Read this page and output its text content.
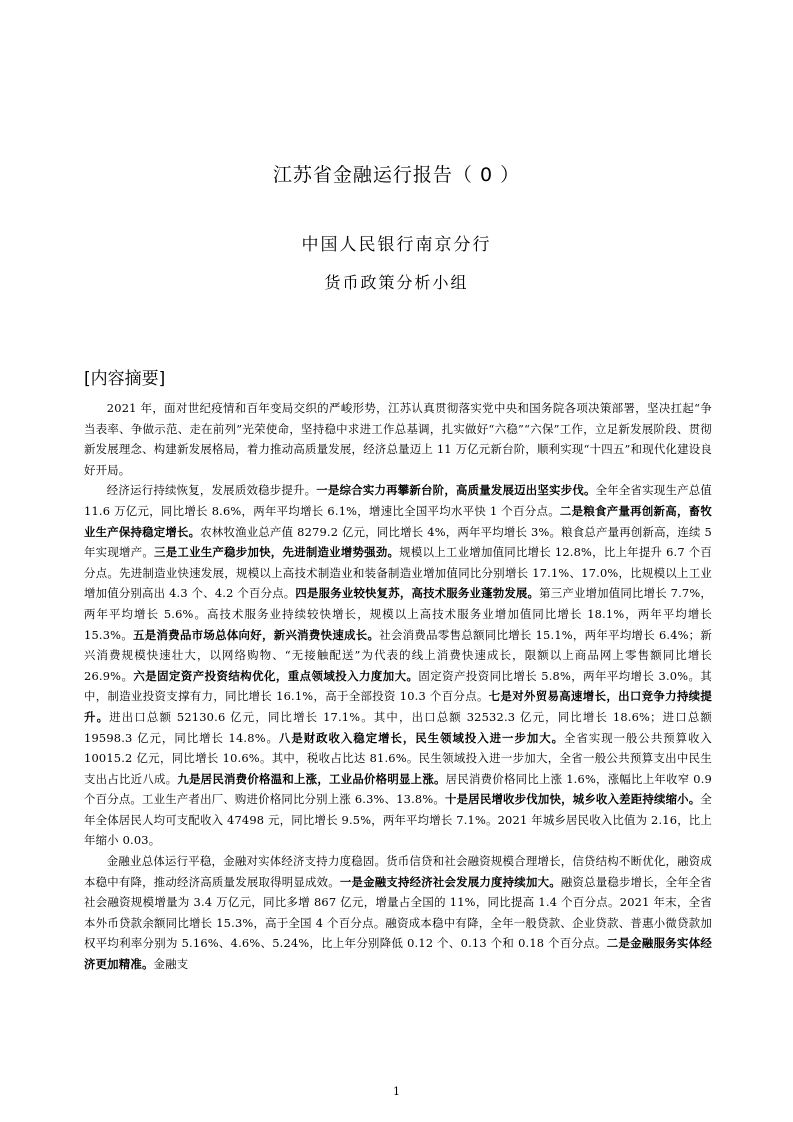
江苏省金融运行报告（ 0 ）
中国人民银行南京分行
货币政策分析小组
[内容摘要]

2021 年，面对世纪疫情和百年变局交织的严峻形势，江苏认真贯彻落实党中央和国务院各项决策部署，坚决扛起“争当表率、争做示范、走在前列”光荣使命，坚持稳中求进工作总基调，扎实做好“六稳”“六保”工作，立足新发展阶段、贯彻新发展理念、构建新发展格局，着力推动高质量发展，经济总量迈上 11 万亿元新台阶，顺利实现“十四五”和现代化建设良好开局。

经济运行持续恢复，发展质效稳步提升。一是综合实力再攀新台阶，高质量发展迈出坚实步伐。全年全省实现生产总值 11.6 万亿元，同比增长 8.6%，两年平均增长 6.1%，增速比全国平均水平快 1 个百分点。二是粮食产量再创新高，畜牧业生产保持稳定增长。农林牧渔业总产值 8279.2 亿元，同比增长 4%，两年平均增长 3%。粮食总产量再创新高，连续 5 年实现增产。三是工业生产稳步加快，先进制造业增势强劲。规模以上工业增加值同比增长 12.8%，比上年提升 6.7 个百分点。先进制造业快速发展，规模以上高技术制造业和装备制造业增加值同比分别增长 17.1%、17.0%，比规模以上工业增加值分别高出 4.3 个、4.2 个百分点。四是服务业较快复苏，高技术服务业蓬勃发展。第三产业增加值同比增长 7.7%，两年平均增长 5.6%。高技术服务业持续较快增长，规模以上高技术服务业增加值同比增长 18.1%，两年平均增长 15.3%。五是消费品市场总体向好，新兴消费快速成长。社会消费品零售总额同比增长 15.1%，两年平均增长 6.4%；新兴消费规模快速壮大，以网络购物、“无接触配送”为代表的线上消费快速成长，限额以上商品网上零售额同比增长 26.9%。六是固定资产投资结构优化，重点领域投入力度加大。固定资产投资同比增长 5.8%，两年平均增长 3.0%。其中，制造业投资支撑有力，同比增长 16.1%，高于全部投资 10.3 个百分点。七是对外贸易高速增长，出口竞争力持续提升。进出口总额 52130.6 亿元，同比增长 17.1%。其中，出口总额 32532.3 亿元，同比增长 18.6%；进口总额 19598.3 亿元，同比增长 14.8%。八是财政收入稳定增长，民生领域投入进一步加大。全省实现一般公共预算收入 10015.2 亿元，同比增长 10.6%。其中，税收占比达 81.6%。民生领域投入进一步加大，全省一般公共预算支出中民生支出占比近八成。九是居民消费价格温和上涨，工业品价格明显上涨。居民消费价格同比上涨 1.6%，涨幅比上年收窄 0.9 个百分点。工业生产者出厂、购进价格同比分别上涨 6.3%、13.8%。十是居民增收步伐加快，城乡收入差距持续缩小。全年全体居民人均可支配收入 47498 元，同比增长 9.5%，两年平均增长 7.1%。2021 年城乡居民收入比值为 2.16，比上年缩小 0.03。

金融业总体运行平稳，金融对实体经济支持力度稳固。货币信贷和社会融资规模合理增长，信贷结构不断优化，融资成本稳中有降，推动经济高质量发展取得明显成效。一是金融支持经济社会发展力度持续加大。融资总量稳步增长，全年全省社会融资规模增量为 3.4 万亿元，同比多增 867 亿元，增量占全国的 11%，同比提高 1.4 个百分点。2021 年末，全省本外币贷款余额同比增长 15.3%，高于全国 4 个百分点。融资成本稳中有降，全年一般贷款、企业贷款、普惠小微贷款加权平均利率分别为 5.16%、4.6%、5.24%，比上年分别降低 0.12 个、0.13 个和 0.18 个百分点。二是金融服务实体经济更加精准。金融支

1
